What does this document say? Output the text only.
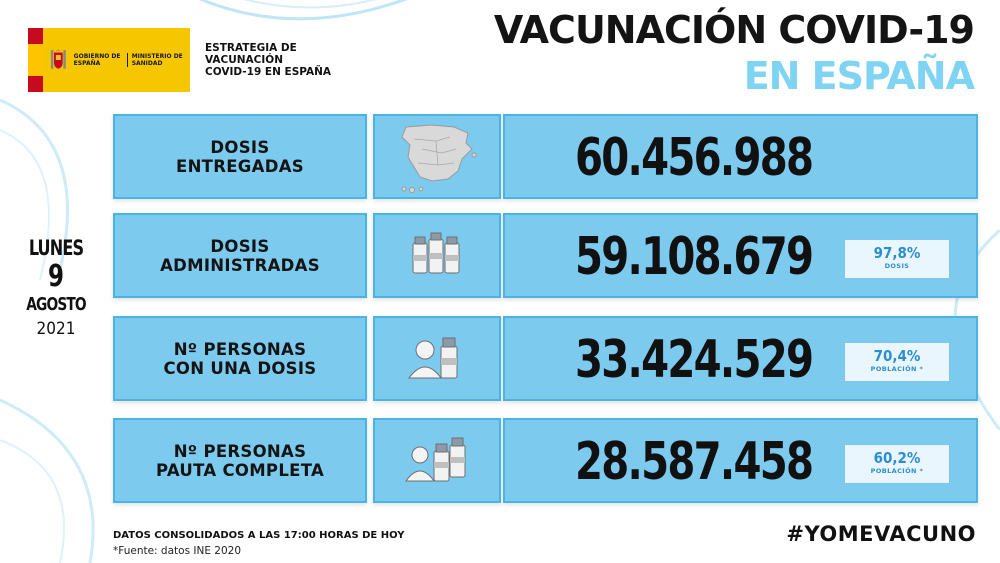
GOBIERNO DE ESPAÑA
MINISTERIO DE SANIDAD
ESTRATEGIA DE
VACUNACIÓN
COVID-19 EN ESPAÑA
VACUNACIÓN COVID-19
EN ESPAÑA
LUNES
9
AGOSTO
2021
DOSIS
ENTREGADAS	60.456.988
DOSIS
ADMINISTRADAS	59.108.679	97,8%
DOSIS
Nº PERSONAS
CON UNA DOSIS	33.424.529	70,4%
POBLACIÓN *
Nº PERSONAS
PAUTA COMPLETA	28.587.458	60,2%
POBLACIÓN *
DATOS CONSOLIDADOS A LAS 17:00 HORAS DE HOY
*Fuente: datos INE 2020
#YOMEVACUNO
